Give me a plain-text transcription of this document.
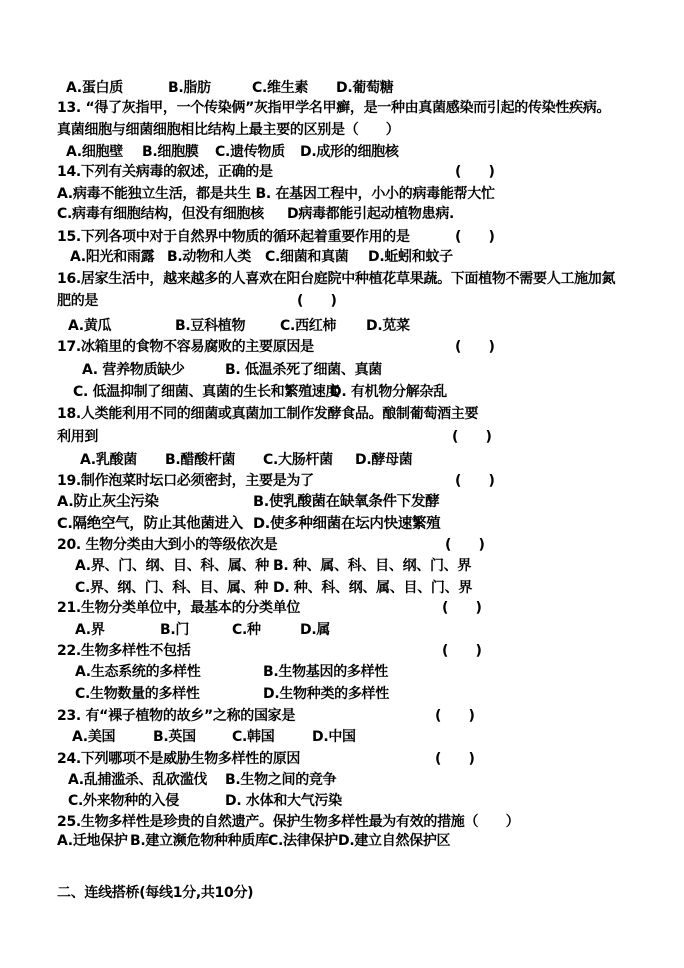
A.蛋白质	B.脂肪	C.维生素 D.葡萄糖
13. “得了灰指甲，一个传染俩”灰指甲学名甲癣，是一种由真菌感染而引起的传染性疾病。
真菌细胞与细菌细胞相比结构上最主要的区别是（　　）
A.细胞壁 B.细胞膜 C.遗传物质 D.成形的细胞核
14.下列有关病毒的叙述，正确的是	(　　)
A.病毒不能独立生活，都是共生 B. 在基因工程中，小小的病毒能帮大忙
C.病毒有细胞结构，但没有细胞核 D病毒都能引起动植物患病.
15.下列各项中对于自然界中物质的循环起着重要作用的是	(　　)
A.阳光和雨露 B.动物和人类 C.细菌和真菌 D.蚯蚓和蚊子
16.居家生活中，越来越多的人喜欢在阳台庭院中种植花草果蔬。下面植物不需要人工施加氮
肥的是	(　　)
A.黄瓜	B.豆科植物 C.西红柿 D.苋菜
17.冰箱里的食物不容易腐败的主要原因是	(　　)
A. 营养物质缺少	B. 低温杀死了细菌、真菌
C. 低温抑制了细菌、真菌的生长和繁殖速度
D. 有机物分解杂乱
18.人类能利用不同的细菌或真菌加工制作发酵食品。酿制葡萄酒主要
利用到	(　　)
A.乳酸菌 B.醋酸杆菌 C.大肠杆菌 D.酵母菌
19.制作泡菜时坛口必须密封，主要是为了	(　　)
A.防止灰尘污染	B.使乳酸菌在缺氧条件下发酵
C.隔绝空气，防止其他菌进入 D.使多种细菌在坛内快速繁殖
20. 生物分类由大到小的等级依次是	(　　)
A.界、门、纲、目、科、属、种 B. 种、属、科、目、纲、门、界
C.界、纲、门、科、目、属、种 D. 种、科、纲、属、目、门、界
21.生物分类单位中，最基本的分类单位	(　　)
A.界	B.门	C.种	D.属
22.生物多样性不包括	(　　)
A.生态系统的多样性	B.生物基因的多样性
C.生物数量的多样性	D.生物种类的多样性
23. 有“裸子植物的故乡”之称的国家是	(　　)
A.美国	B.英国	C.韩国	D.中国
24.下列哪项不是威胁生物多样性的原因	(　　)
A.乱捕滥杀、乱砍滥伐 B.生物之间的竞争
C.外来物种的入侵	D. 水体和大气污染
25.生物多样性是珍贵的自然遗产。保护生物多样性最为有效的措施（　　）
A.迁地保护 B.建立濒危物种种质库 C.法律保护 D.建立自然保护区
二、连线搭桥(每线1分,共10分)
